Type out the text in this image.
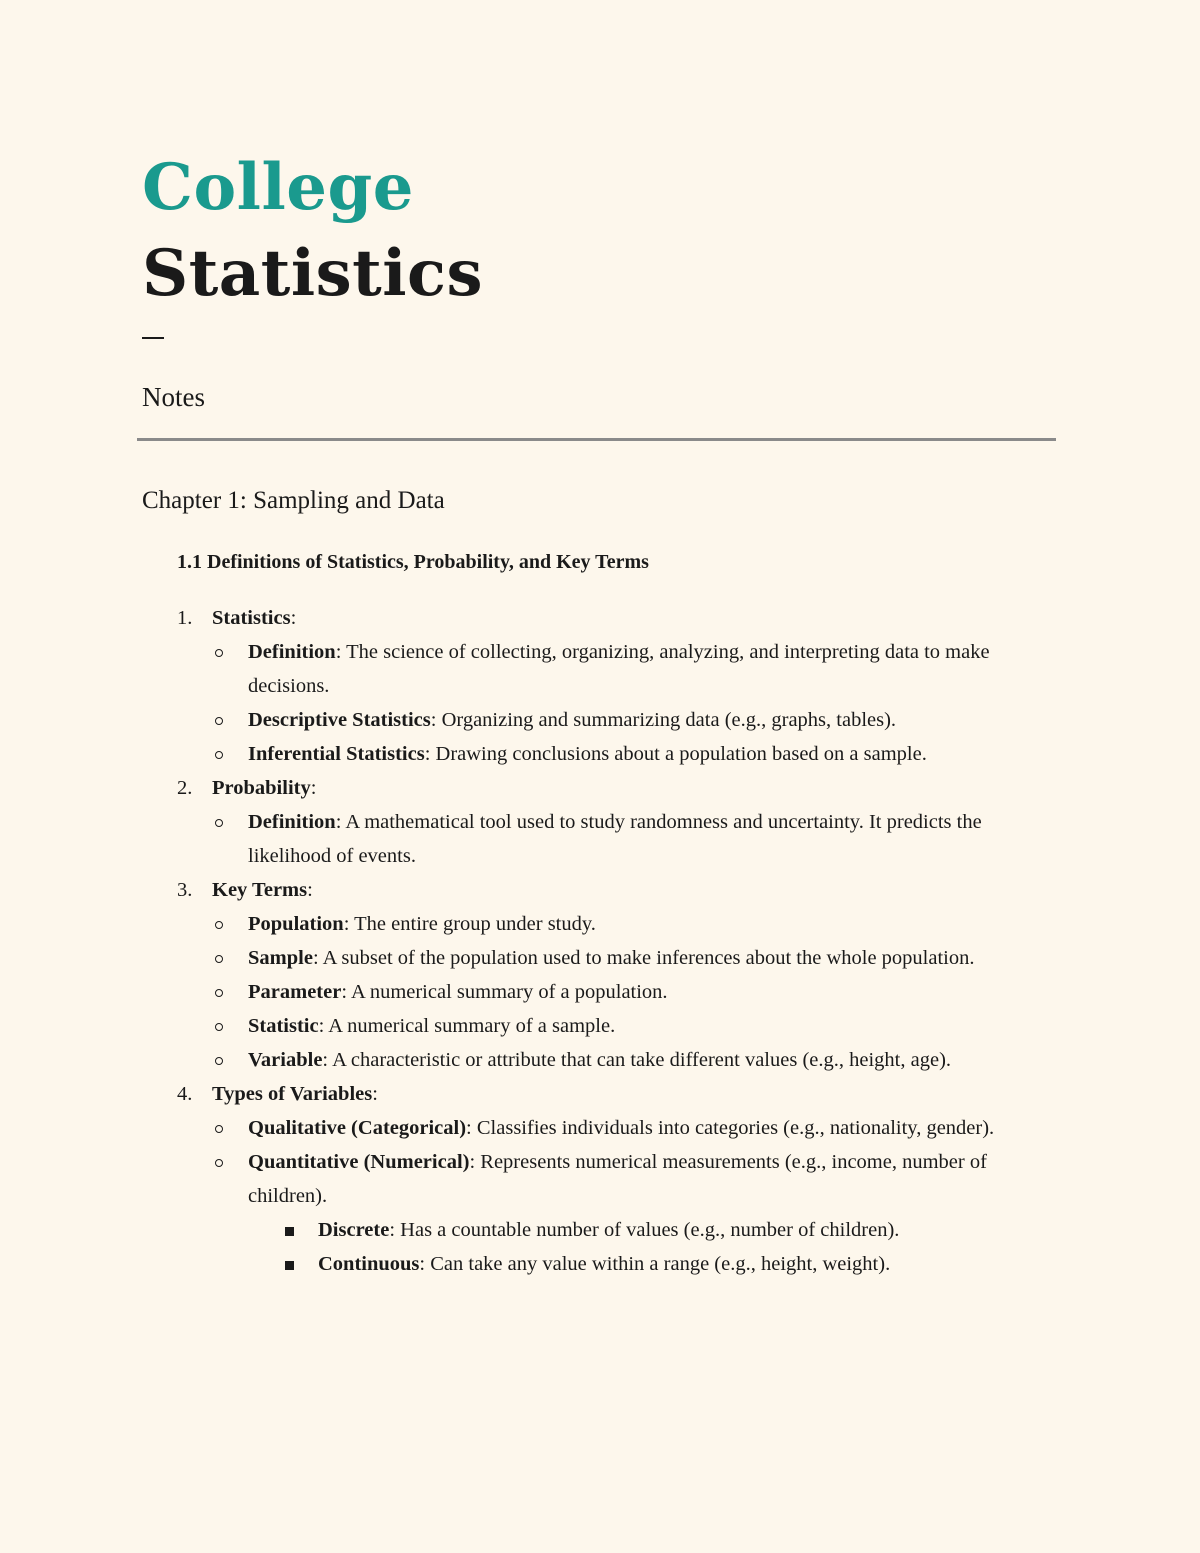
College
Statistics
Notes
Chapter 1: Sampling and Data
1.1 Definitions of Statistics, Probability, and Key Terms
1. Statistics:
Definition: The science of collecting, organizing, analyzing, and interpreting data to make decisions.
Descriptive Statistics: Organizing and summarizing data (e.g., graphs, tables).
Inferential Statistics: Drawing conclusions about a population based on a sample.
2. Probability:
Definition: A mathematical tool used to study randomness and uncertainty. It predicts the likelihood of events.
3. Key Terms:
Population: The entire group under study.
Sample: A subset of the population used to make inferences about the whole population.
Parameter: A numerical summary of a population.
Statistic: A numerical summary of a sample.
Variable: A characteristic or attribute that can take different values (e.g., height, age).
4. Types of Variables:
Qualitative (Categorical): Classifies individuals into categories (e.g., nationality, gender).
Quantitative (Numerical): Represents numerical measurements (e.g., income, number of children).
Discrete: Has a countable number of values (e.g., number of children).
Continuous: Can take any value within a range (e.g., height, weight).
